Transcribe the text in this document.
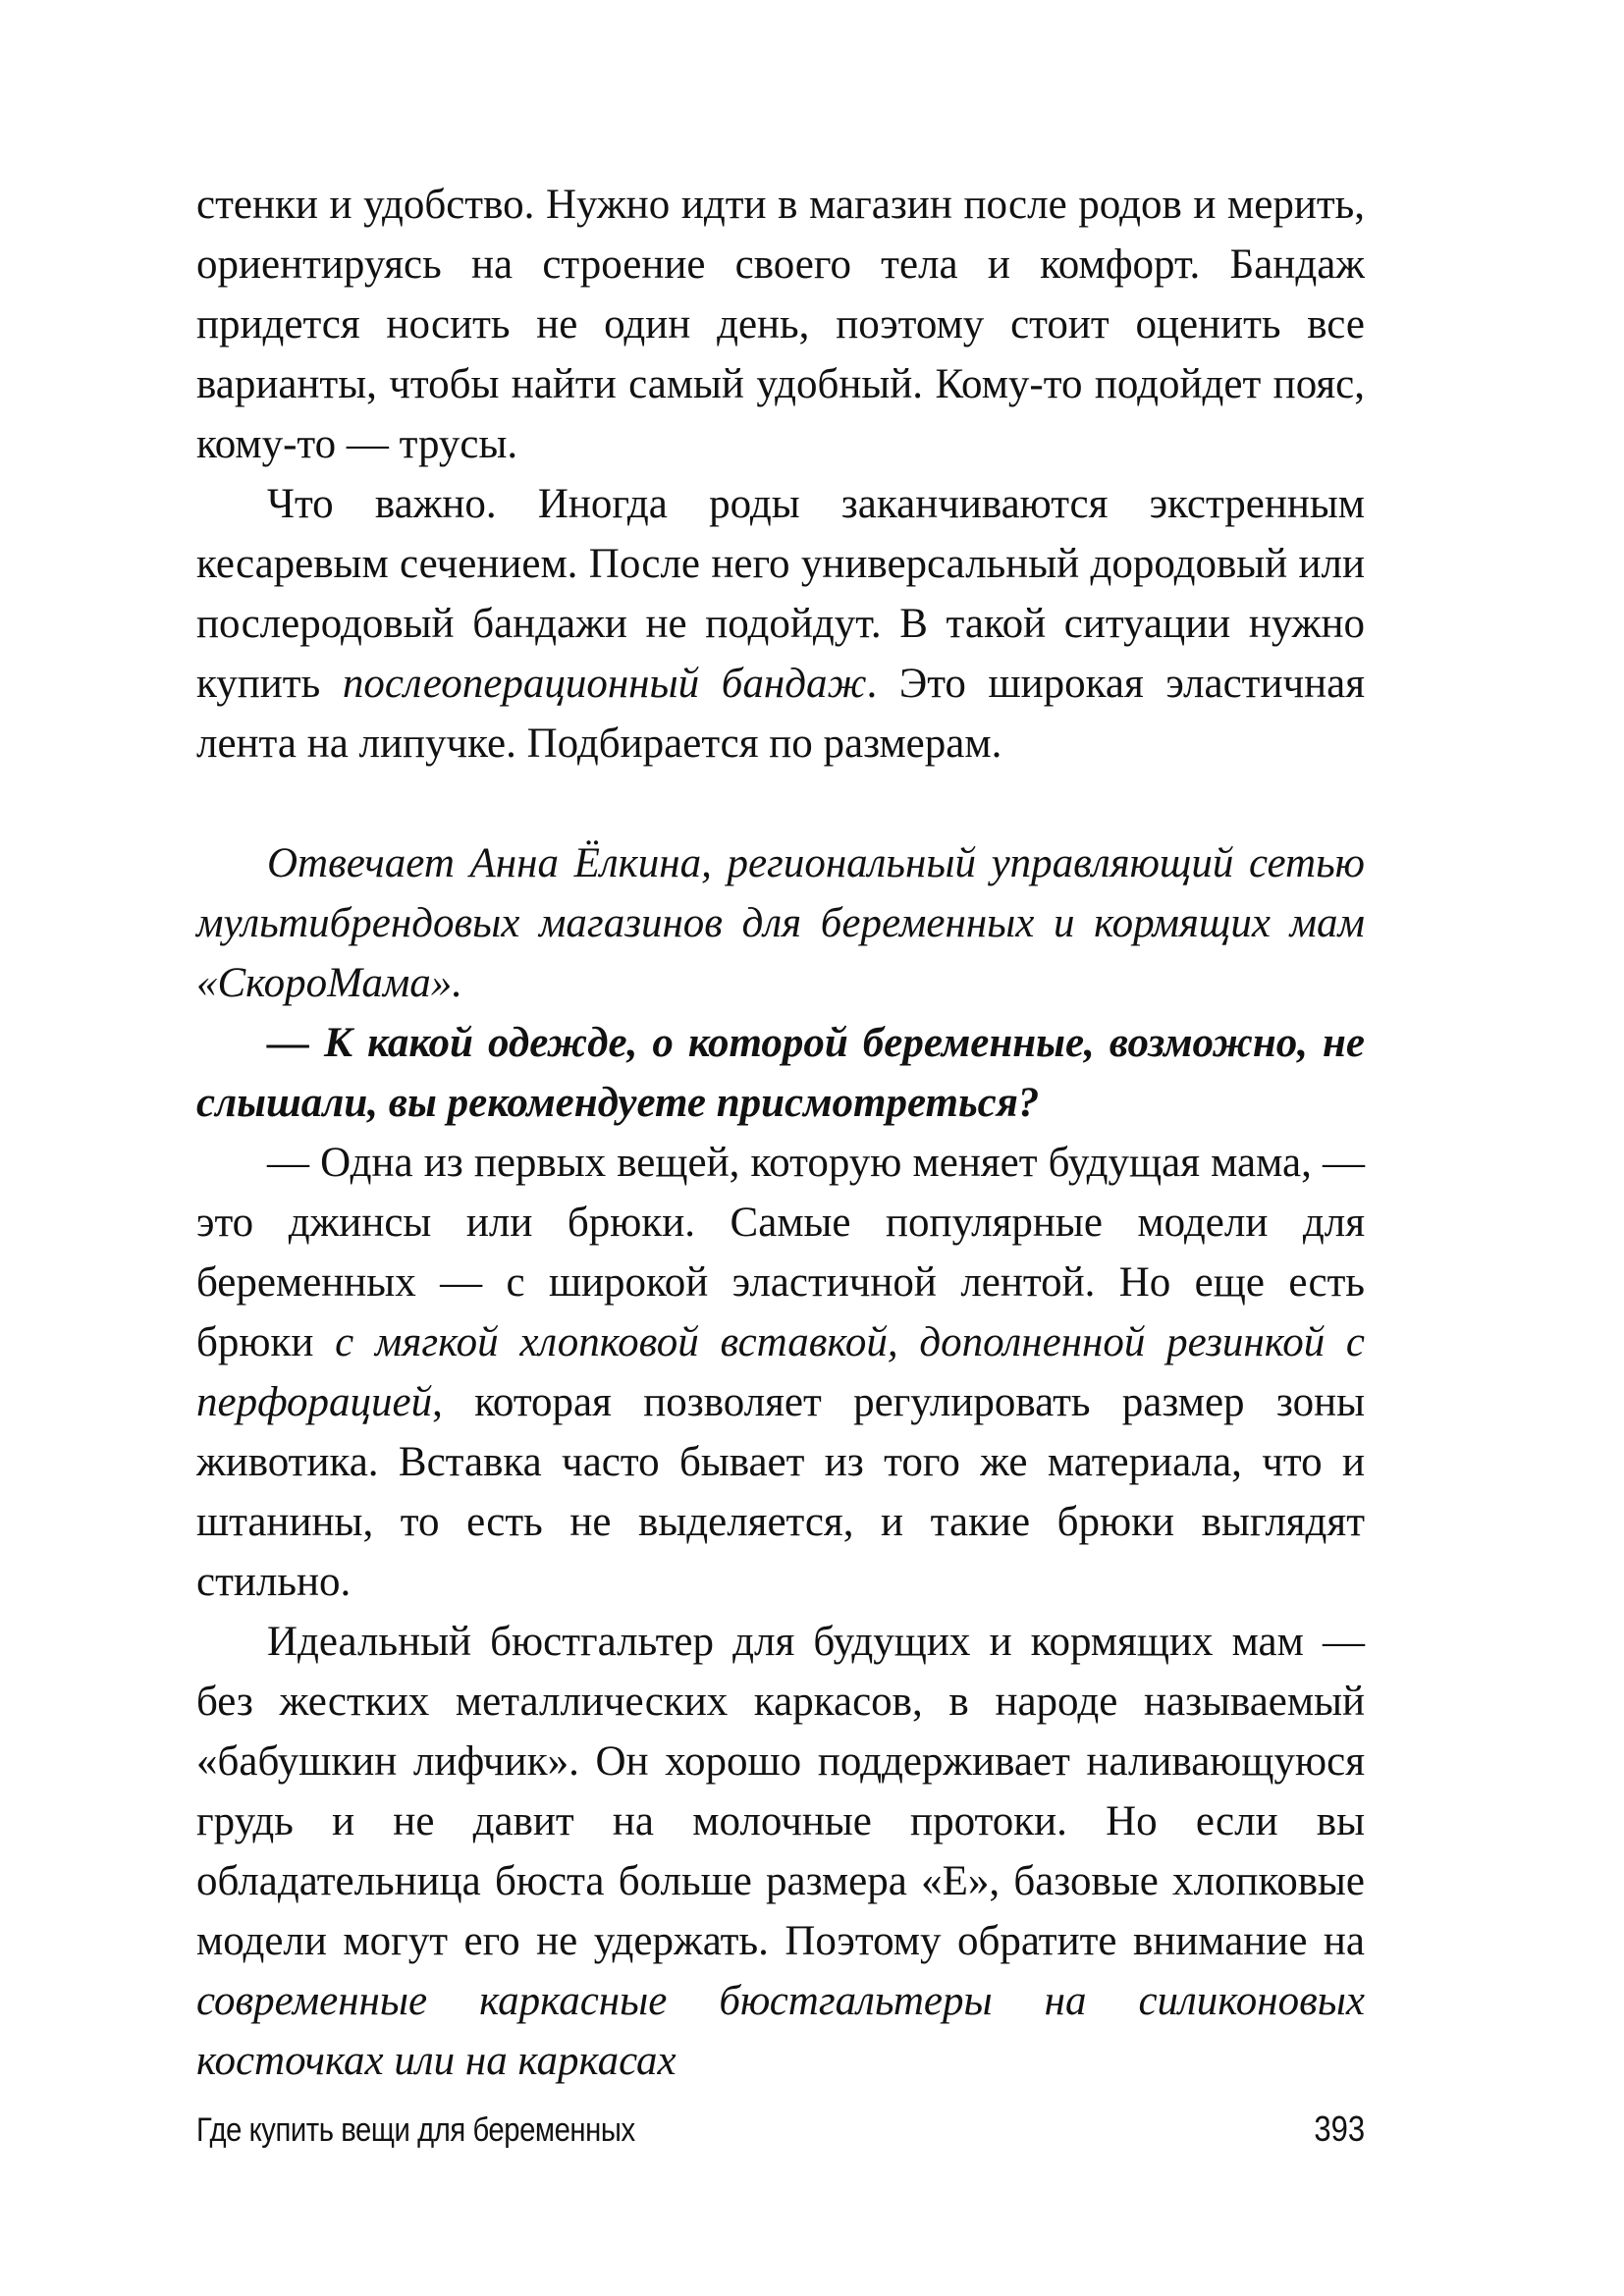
стенки и удобство. Нужно идти в магазин после родов и мерить, ориентируясь на строение своего тела и комфорт. Бандаж придется носить не один день, поэтому стоит оценить все варианты, чтобы найти самый удобный. Кому-то подойдет пояс, кому-то — трусы.

Что важно. Иногда роды заканчиваются экстренным кесаревым сечением. После него универсальный дородовый или послеродовый бандажи не подойдут. В такой ситуации нужно купить послеоперационный бандаж. Это широкая эластичная лента на липучке. Подбирается по размерам.

Отвечает Анна Ёлкина, региональный управляющий сетью мультибрендовых магазинов для беременных и кормящих мам «СкороМама».

— К какой одежде, о которой беременные, возможно, не слышали, вы рекомендуете присмотреться?

— Одна из первых вещей, которую меняет будущая мама, — это джинсы или брюки. Самые популярные модели для беременных — с широкой эластичной лентой. Но еще есть брюки с мягкой хлопковой вставкой, дополненной резинкой с перфорацией, которая позволяет регулировать размер зоны животика. Вставка часто бывает из того же материала, что и штанины, то есть не выделяется, и такие брюки выглядят стильно.

Идеальный бюстгальтер для будущих и кормящих мам — без жестких металлических каркасов, в народе называемый «бабушкин лифчик». Он хорошо поддерживает наливающуюся грудь и не давит на молочные протоки. Но если вы обладательница бюста больше размера «Е», базовые хлопковые модели могут его не удержать. Поэтому обратите внимание на современные каркасные бюстгальтеры на силиконовых косточках или на каркасах

Где купить вещи для беременных	393
